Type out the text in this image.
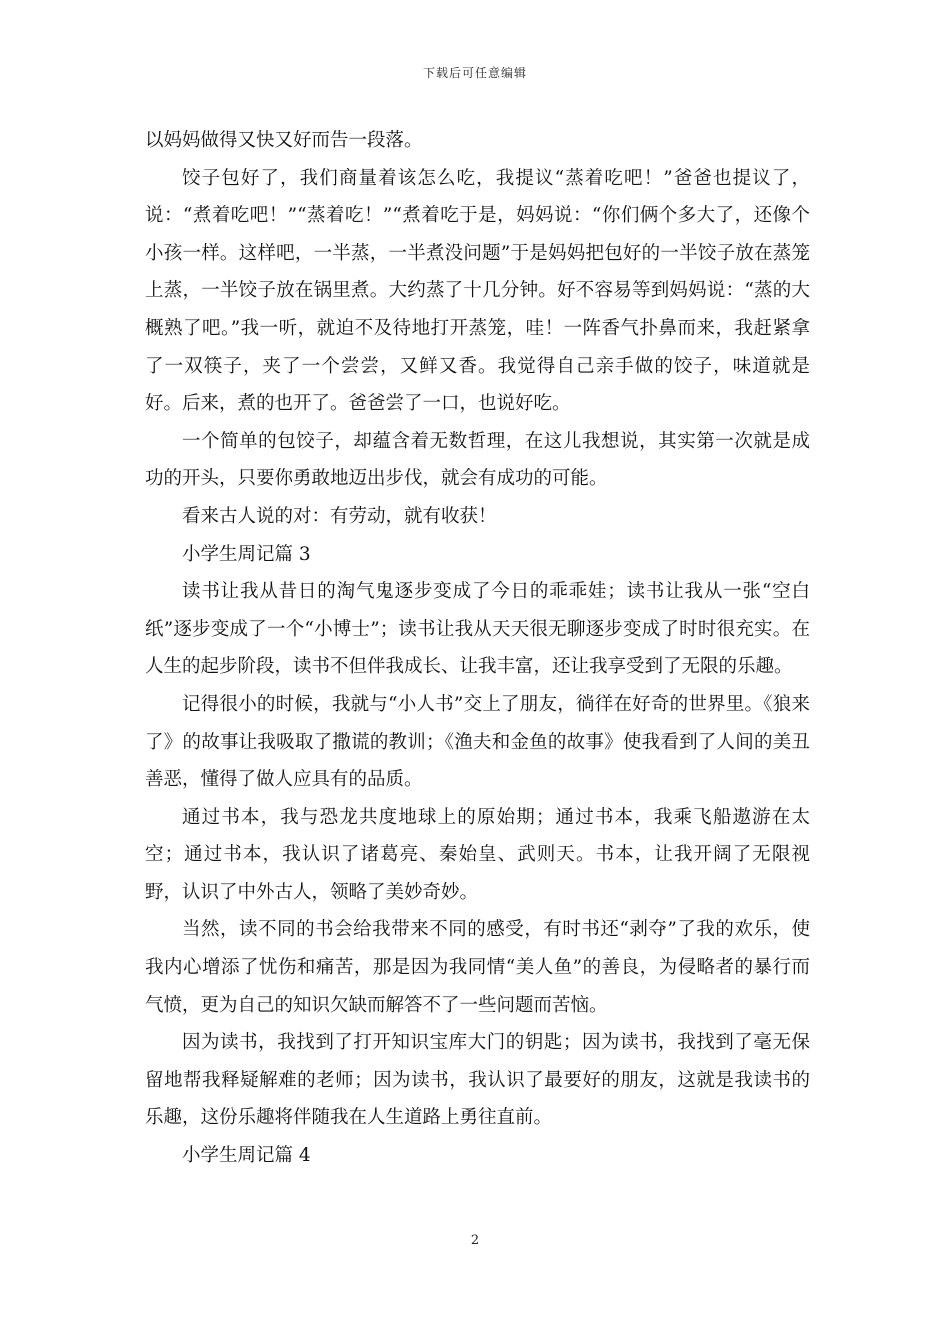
下载后可任意编辑

以妈妈做得又快又好而告一段落。

饺子包好了，我们商量着该怎么吃，我提议“蒸着吃吧！”爸爸也提议了，说：“煮着吃吧！”“蒸着吃！”“煮着吃于是，妈妈说：“你们俩个多大了，还像个小孩一样。这样吧，一半蒸，一半煮没问题”于是妈妈把包好的一半饺子放在蒸笼上蒸，一半饺子放在锅里煮。大约蒸了十几分钟。好不容易等到妈妈说：“蒸的大概熟了吧。”我一听，就迫不及待地打开蒸笼，哇！一阵香气扑鼻而来，我赶紧拿了一双筷子，夹了一个尝尝，又鲜又香。我觉得自己亲手做的饺子，味道就是好。后来，煮的也开了。爸爸尝了一口，也说好吃。

一个简单的包饺子，却蕴含着无数哲理，在这儿我想说，其实第一次就是成功的开头，只要你勇敢地迈出步伐，就会有成功的可能。

看来古人说的对：有劳动，就有收获！

小学生周记篇 3

读书让我从昔日的淘气鬼逐步变成了今日的乖乖娃；读书让我从一张“空白纸”逐步变成了一个“小博士”；读书让我从天天很无聊逐步变成了时时很充实。在人生的起步阶段，读书不但伴我成长、让我丰富，还让我享受到了无限的乐趣。

记得很小的时候，我就与“小人书”交上了朋友，徜徉在好奇的世界里。《狼来了》的故事让我吸取了撒谎的教训；《渔夫和金鱼的故事》使我看到了人间的美丑善恶，懂得了做人应具有的品质。

通过书本，我与恐龙共度地球上的原始期；通过书本，我乘飞船遨游在太空；通过书本，我认识了诸葛亮、秦始皇、武则天。书本，让我开阔了无限视野，认识了中外古人，领略了美妙奇妙。

当然，读不同的书会给我带来不同的感受，有时书还“剥夺”了我的欢乐，使我内心增添了忧伤和痛苦，那是因为我同情“美人鱼”的善良，为侵略者的暴行而气愤，更为自己的知识欠缺而解答不了一些问题而苦恼。

因为读书，我找到了打开知识宝库大门的钥匙；因为读书，我找到了毫无保留地帮我释疑解难的老师；因为读书，我认识了最要好的朋友，这就是我读书的乐趣，这份乐趣将伴随我在人生道路上勇往直前。

小学生周记篇 4

2
